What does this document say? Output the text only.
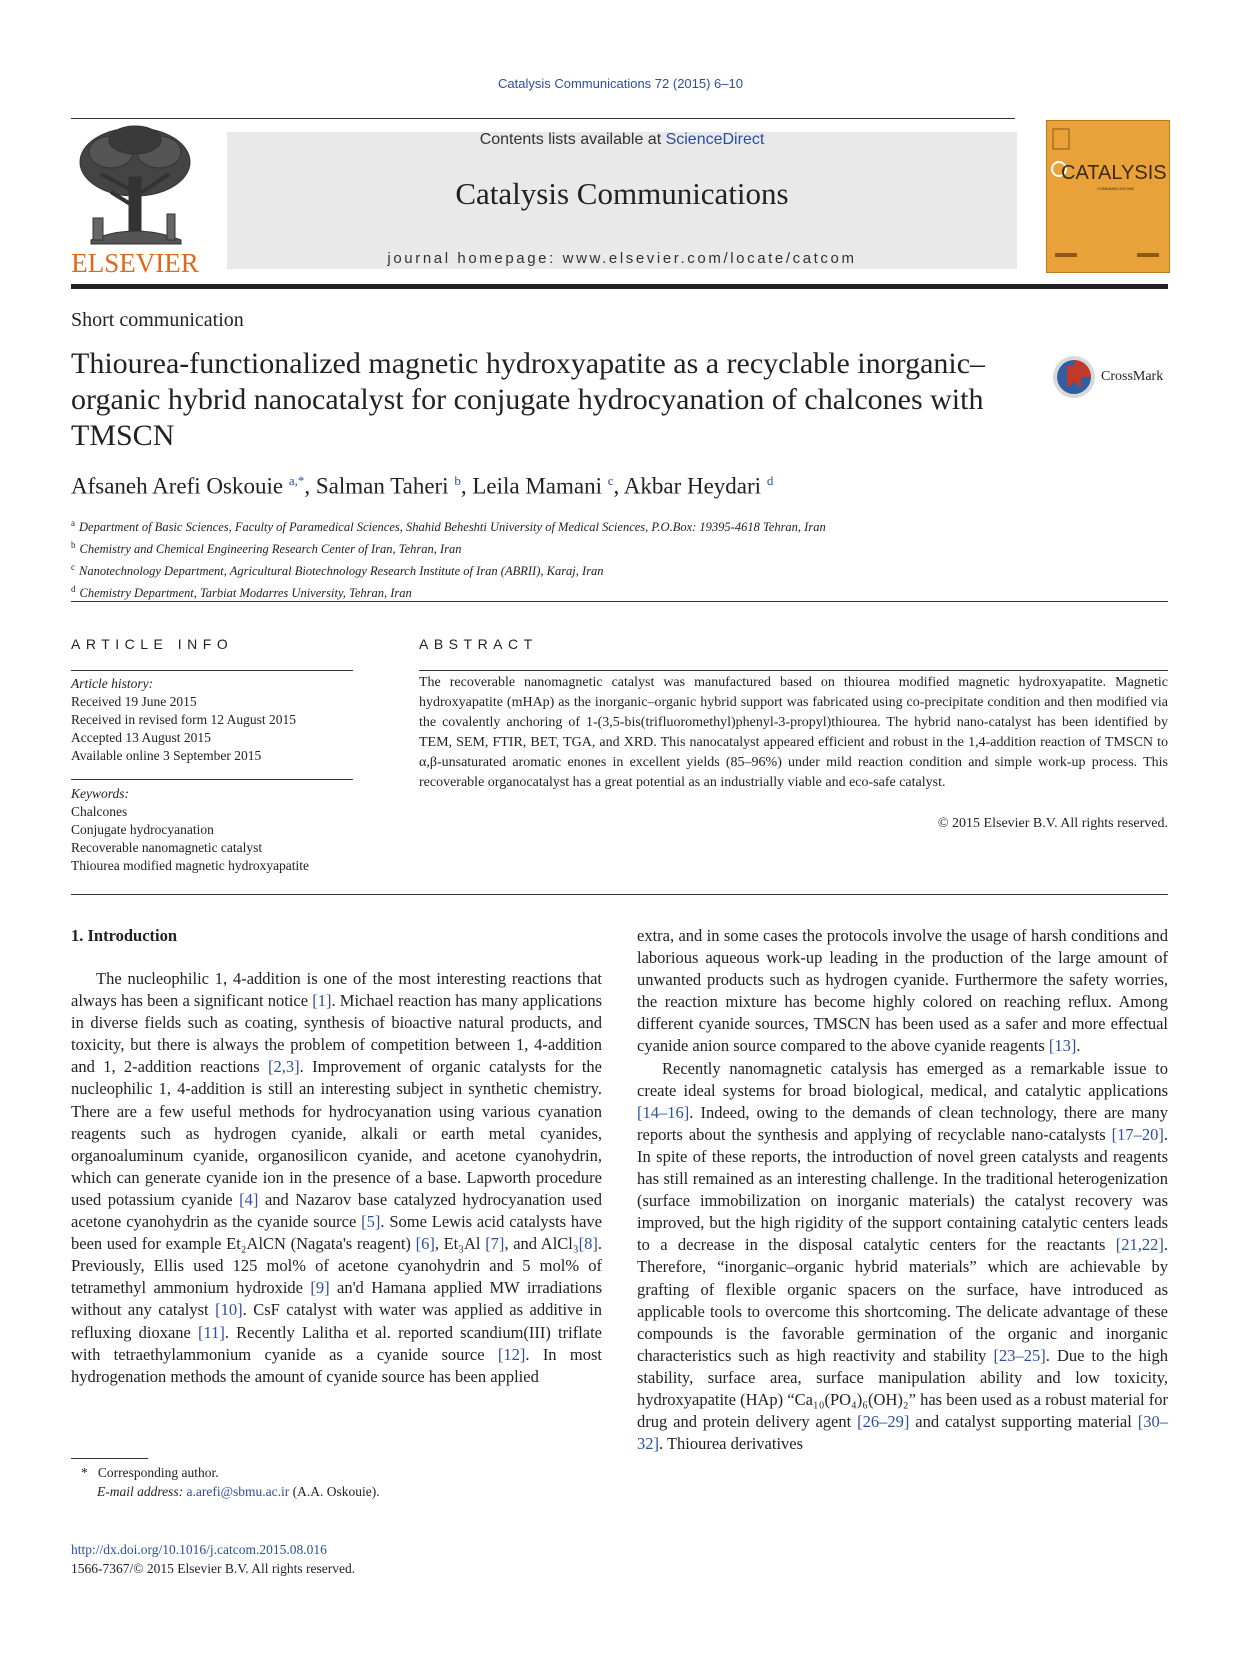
Catalysis Communications 72 (2015) 6–10
ELSEVIER
Contents lists available at ScienceDirect
Catalysis Communications
journal homepage: www.elsevier.com/locate/catcom
CATALYSIS
COMMUNICATIONS
Short communication
Thiourea-functionalized magnetic hydroxyapatite as a recyclable inorganic–organic hybrid nanocatalyst for conjugate hydrocyanation of chalcones with TMSCN
CrossMark
Afsaneh Arefi Oskouie $^{a,*}$, Salman Taheri $^b$, Leila Mamani $^c$, Akbar Heydari $^d$
$^a$ Department of Basic Sciences, Faculty of Paramedical Sciences, Shahid Beheshti University of Medical Sciences, P.O.Box: 19395-4618 Tehran, Iran
$^b$ Chemistry and Chemical Engineering Research Center of Iran, Tehran, Iran
$^c$ Nanotechnology Department, Agricultural Biotechnology Research Institute of Iran (ABRII), Karaj, Iran
$^d$ Chemistry Department, Tarbiat Modarres University, Tehran, Iran
ARTICLE INFO	ABSTRACT
Article history:
Received 19 June 2015
Received in revised form 12 August 2015
Accepted 13 August 2015
Available online 3 September 2015
Keywords:
Chalcones
Conjugate hydrocyanation
Recoverable nanomagnetic catalyst
Thiourea modified magnetic hydroxyapatite
The recoverable nanomagnetic catalyst was manufactured based on thiourea modified magnetic hydroxyapatite. Magnetic hydroxyapatite (mHAp) as the inorganic–organic hybrid support was fabricated using co-precipitate condition and then modified via the covalently anchoring of 1-(3,5-bis(trifluoromethyl)phenyl-3-propyl)thiourea. The hybrid nano-catalyst has been identified by TEM, SEM, FTIR, BET, TGA, and XRD. This nanocatalyst appeared efficient and robust in the 1,4-addition reaction of TMSCN to α,β-unsaturated aromatic enones in excellent yields (85–96%) under mild reaction condition and simple work-up process. This recoverable organocatalyst has a great potential as an industrially viable and eco-safe catalyst.
© 2015 Elsevier B.V. All rights reserved.
1. Introduction

The nucleophilic 1, 4-addition is one of the most interesting reactions that always has been a significant notice [1]. Michael reaction has many applications in diverse fields such as coating, synthesis of bioactive natural products, and toxicity, but there is always the problem of competition between 1, 4-addition and 1, 2-addition reactions [2,3]. Improvement of organic catalysts for the nucleophilic 1, 4-addition is still an interesting subject in synthetic chemistry. There are a few useful methods for hydrocyanation using various cyanation reagents such as hydrogen cyanide, alkali or earth metal cyanides, organoaluminum cyanide, organosilicon cyanide, and acetone cyanohydrin, which can generate cyanide ion in the presence of a base. Lapworth procedure used potassium cyanide [4] and Nazarov base catalyzed hydrocyanation used acetone cyanohydrin as the cyanide source [5]. Some Lewis acid catalysts have been used for example Et₂AlCN (Nagata's reagent) [6], Et₃Al [7], and AlCl₃[8]. Previously, Ellis used 125 mol% of acetone cyanohydrin and 5 mol% of tetramethyl ammonium hydroxide [9] an'd Hamana applied MW irradiations without any catalyst [10]. CsF catalyst with water was applied as additive in refluxing dioxane [11]. Recently Lalitha et al. reported scandium(III) triflate with tetraethylammonium cyanide as a cyanide source [12]. In most hydrogenation methods the amount of cyanide source has been applied

extra, and in some cases the protocols involve the usage of harsh conditions and laborious aqueous work-up leading in the production of the large amount of unwanted products such as hydrogen cyanide. Furthermore the safety worries, the reaction mixture has become highly colored on reaching reflux. Among different cyanide sources, TMSCN has been used as a safer and more effectual cyanide anion source compared to the above cyanide reagents [13].

Recently nanomagnetic catalysis has emerged as a remarkable issue to create ideal systems for broad biological, medical, and catalytic applications [14–16]. Indeed, owing to the demands of clean technology, there are many reports about the synthesis and applying of recyclable nano-catalysts [17–20]. In spite of these reports, the introduction of novel green catalysts and reagents has still remained as an interesting challenge. In the traditional heterogenization (surface immobilization on inorganic materials) the catalyst recovery was improved, but the high rigidity of the support containing catalytic centers leads to a decrease in the disposal catalytic centers for the reactants [21,22]. Therefore, “inorganic–organic hybrid materials” which are achievable by grafting of flexible organic spacers on the surface, have introduced as applicable tools to overcome this shortcoming. The delicate advantage of these compounds is the favorable germination of the organic and inorganic characteristics such as high reactivity and stability [23–25]. Due to the high stability, surface area, surface manipulation ability and low toxicity, hydroxyapatite (HAp) “Ca₁₀(PO₄)₆(OH)₂” has been used as a robust material for drug and protein delivery agent [26–29] and catalyst supporting material [30–32]. Thiourea derivatives

* Corresponding author.
E-mail address: a.arefi@sbmu.ac.ir (A.A. Oskouie).
http://dx.doi.org/10.1016/j.catcom.2015.08.016
1566-7367/© 2015 Elsevier B.V. All rights reserved.
